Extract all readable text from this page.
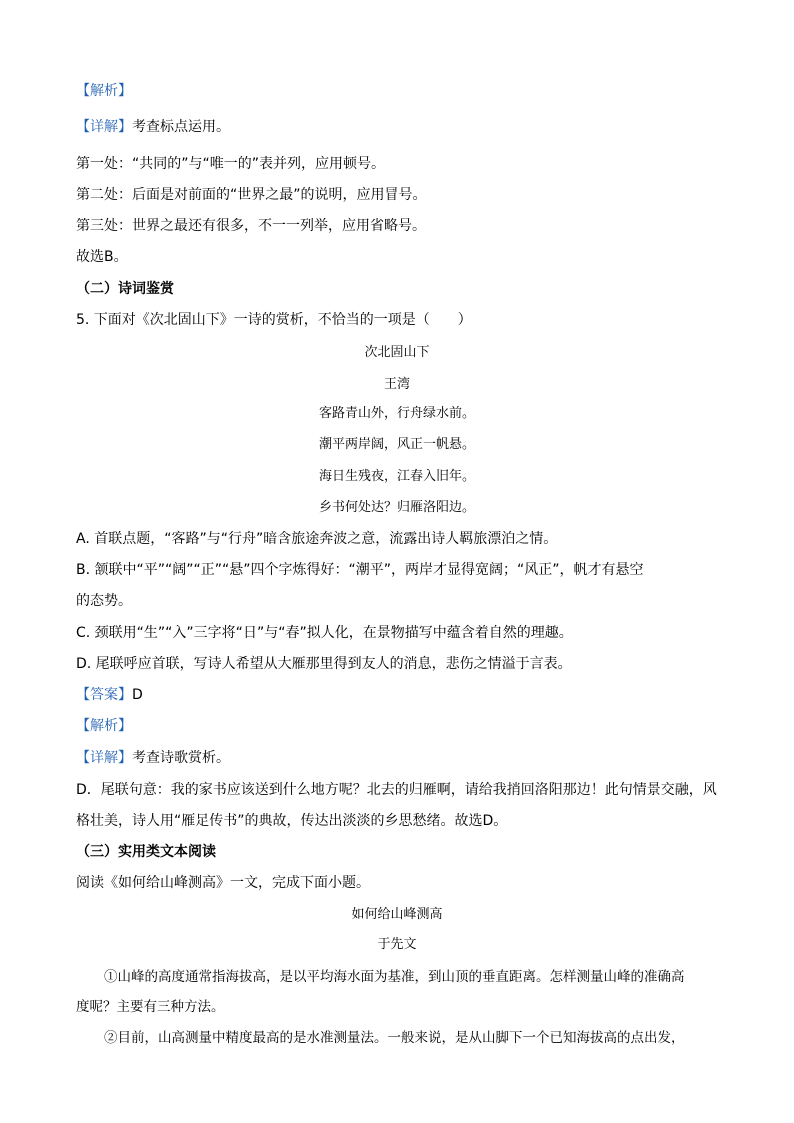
【解析】
【详解】考查标点运用。
第一处：“共同的”与“唯一的”表并列，应用顿号。
第二处：后面是对前面的“世界之最”的说明，应用冒号。
第三处：世界之最还有很多，不一一列举，应用省略号。
故选B。
（二）诗词鉴赏
5. 下面对《次北固山下》一诗的赏析，不恰当的一项是（　　）
次北固山下
王湾
客路青山外，行舟绿水前。
潮平两岸阔，风正一帆悬。
海日生残夜，江春入旧年。
乡书何处达？归雁洛阳边。
A. 首联点题，“客路”与“行舟”暗含旅途奔波之意，流露出诗人羁旅漂泊之情。
B. 颔联中“平”“阔”“正”“悬”四个字炼得好：“潮平”，两岸才显得宽阔；“风正”，帆才有悬空
的态势。
C. 颈联用“生”“入”三字将“日”与“春”拟人化，在景物描写中蕴含着自然的理趣。
D. 尾联呼应首联，写诗人希望从大雁那里得到友人的消息，悲伤之情溢于言表。
【答案】D
【解析】
【详解】考查诗歌赏析。
D．尾联句意：我的家书应该送到什么地方呢？北去的归雁啊，请给我捎回洛阳那边！此句情景交融，风
格壮美，诗人用“雁足传书”的典故，传达出淡淡的乡思愁绪。故选D。
（三）实用类文本阅读
阅读《如何给山峰测高》一文，完成下面小题。
如何给山峰测高
于先文
①山峰的高度通常指海拔高，是以平均海水面为基准，到山顶的垂直距离。怎样测量山峰的准确高
度呢？主要有三种方法。
②目前，山高测量中精度最高的是水准测量法。一般来说，是从山脚下一个已知海拔高的点出发，
